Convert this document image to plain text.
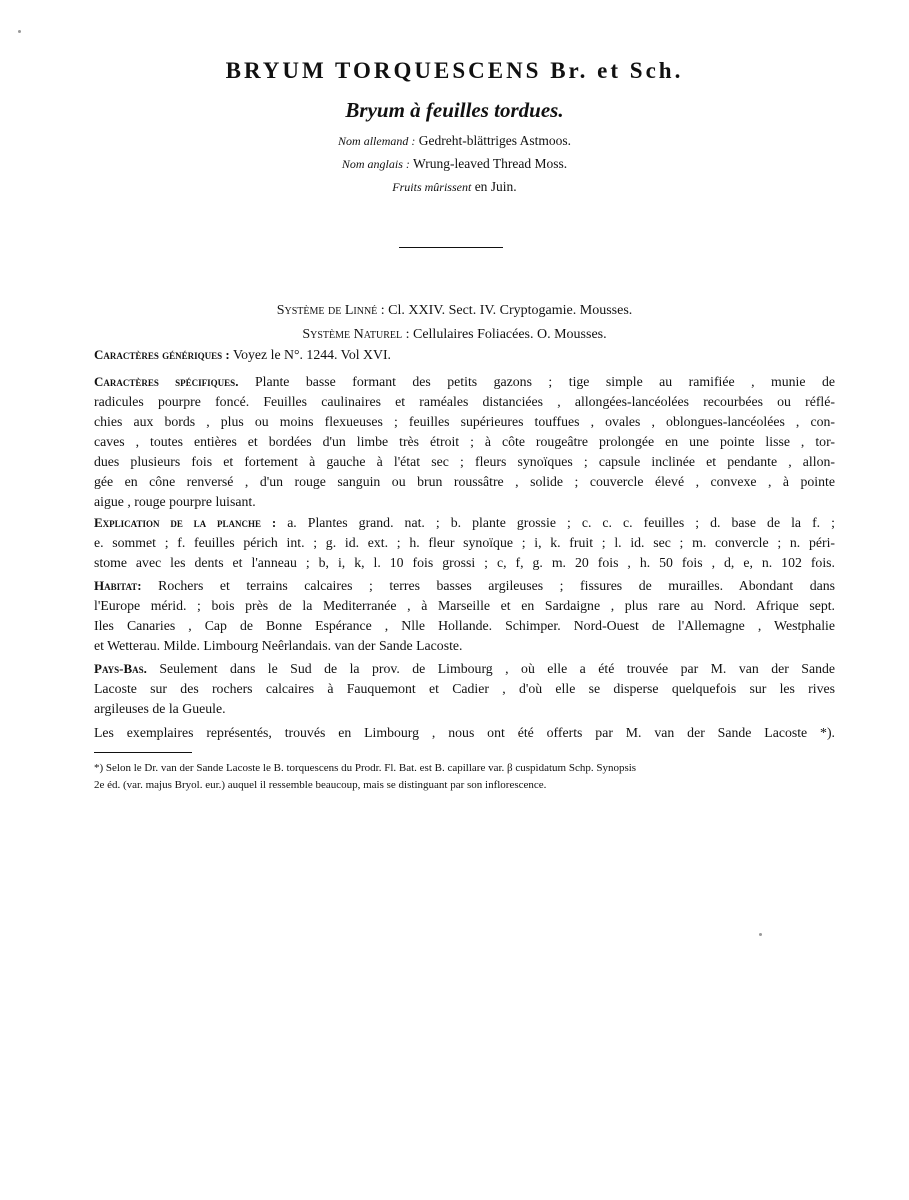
BRYUM TORQUESCENS Br. et Sch.
Bryum à feuilles tordues.
Nom allemand : Gedreht-blättriges Astmoos.
Nom anglais : Wrung-leaved Thread Moss.
Fruits mûrissent en Juin.
Système de Linné : Cl. XXIV. Sect. IV. Cryptogamie. Mousses.
Système Naturel : Cellulaires Foliacées. O. Mousses.
Caractères génériques : Voyez le N°. 1244. Vol XVI.
Caractères spécifiques. Plante basse formant des petits gazons ; tige simple au ramifiée , munie de
radicules pourpre foncé. Feuilles caulinaires et raméales distanciées , allongées-lancéolées recourbées ou réflé-
chies aux bords , plus ou moins flexueuses ; feuilles supérieures touffues , ovales , oblongues-lancéolées , con-
caves , toutes entières et bordées d'un limbe très étroit ; à côte rougeâtre prolongée en une pointe lisse , tor-
dues plusieurs fois et fortement à gauche à l'état sec ; fleurs synoïques ; capsule inclinée et pendante , allon-
gée en cône renversé , d'un rouge sanguin ou brun roussâtre , solide ; couvercle élevé , convexe , à pointe
aigue , rouge pourpre luisant.
Explication de la planche : a. Plantes grand. nat. ; b. plante grossie ; c. c. c. feuilles ; d. base de la f. ;
e. sommet ; f. feuilles périch int. ; g. id. ext. ; h. fleur synoïque ; i, k. fruit ; l. id. sec ; m. convercle ; n. péri-
stome avec les dents et l'anneau ; b, i, k, l. 10 fois grossi ; c, f, g. m. 20 fois , h. 50 fois , d, e, n. 102 fois.
Habitat: Rochers et terrains calcaires ; terres basses argileuses ; fissures de murailles. Abondant dans
l'Europe mérid. ; bois près de la Mediterranée , à Marseille et en Sardaigne , plus rare au Nord. Afrique sept.
Iles Canaries , Cap de Bonne Espérance , Nlle Hollande. Schimper. Nord-Ouest de l'Allemagne , Westphalie
et Wetterau. Milde. Limbourg Neêrlandais. van der Sande Lacoste.
Pays-Bas. Seulement dans le Sud de la prov. de Limbourg , où elle a été trouvée par M. van der Sande
Lacoste sur des rochers calcaires à Fauquemont et Cadier , d'où elle se disperse quelquefois sur les rives
argileuses de la Gueule.
Les exemplaires représentés, trouvés en Limbourg , nous ont été offerts par M. van der Sande Lacoste *).
*) Selon le Dr. van der Sande Lacoste le B. torquescens du Prodr. Fl. Bat. est B. capillare var. β cuspidatum Schp. Synopsis
2e éd. (var. majus Bryol. eur.) auquel il ressemble beaucoup, mais se distinguant par son inflorescence.
